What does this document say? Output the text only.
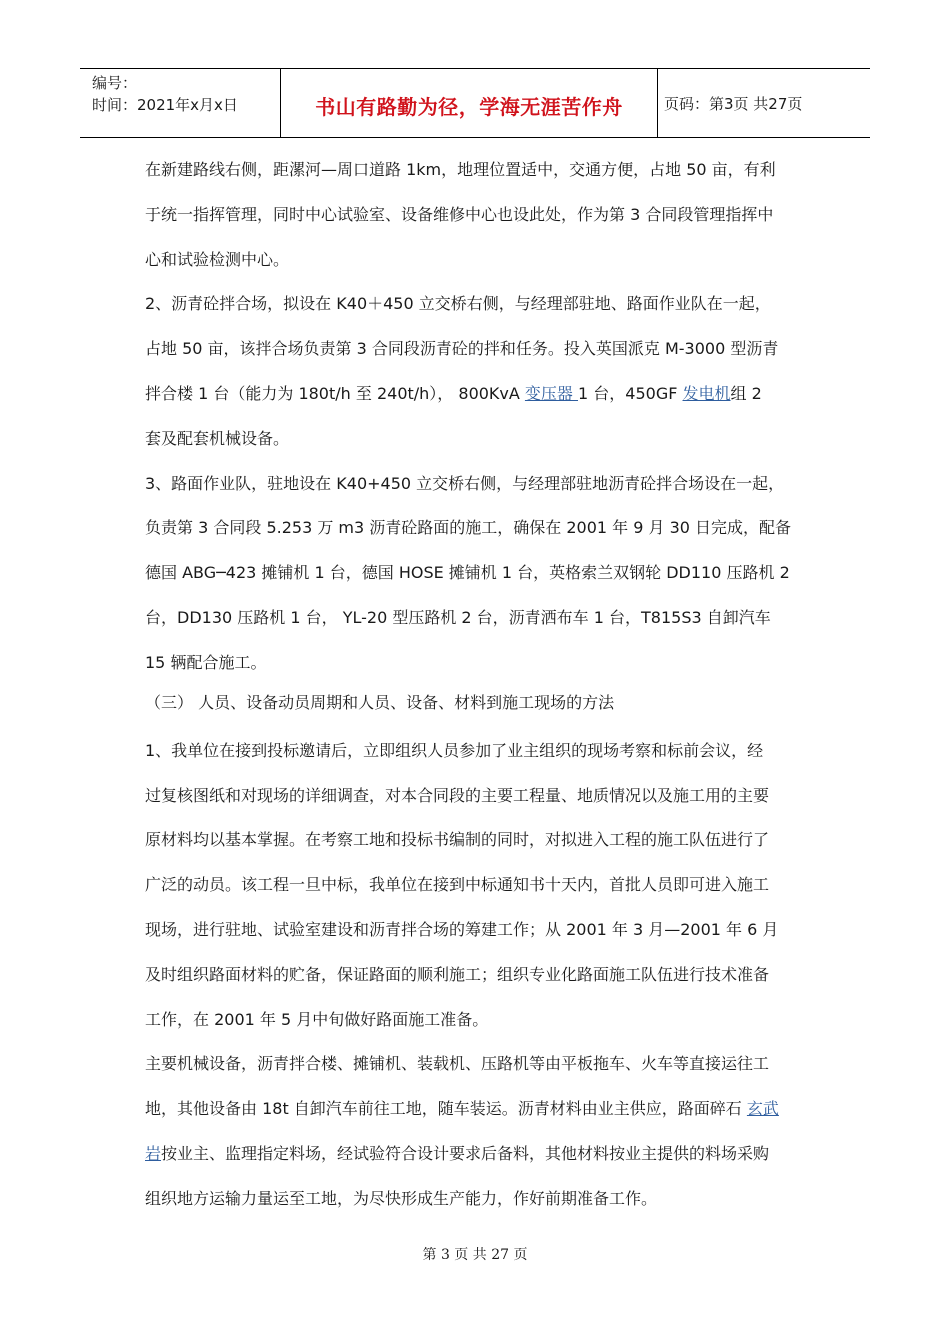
编号：
时间：2021年x月x日	书山有路勤为径，学海无涯苦作舟	页码：第3页 共27页
在新建路线右侧，距漯河—周口道路 1km，地理位置适中，交通方便，占地 50 亩，有利
于统一指挥管理，同时中心试验室、设备维修中心也设此处，作为第 3 合同段管理指挥中
心和试验检测中心。
2、沥青砼拌合场，拟设在 K40＋450 立交桥右侧，与经理部驻地、路面作业队在一起，
占地 50 亩，该拌合场负责第 3 合同段沥青砼的拌和任务。投入英国派克 M-3000 型沥青
拌合楼 1 台（能力为 180t/h 至 240t/h）， 800KvA 变压器 1 台，450GF 发电机组 2
套及配套机械设备。
3、路面作业队，驻地设在 K40+450 立交桥右侧，与经理部驻地沥青砼拌合场设在一起，
负责第 3 合同段 5.253 万 m3 沥青砼路面的施工，确保在 2001 年 9 月 30 日完成，配备
德国 ABG─423 摊铺机 1 台，德国 HOSE 摊铺机 1 台，英格索兰双钢轮 DD110 压路机 2
台，DD130 压路机 1 台， YL-20 型压路机 2 台，沥青洒布车 1 台，T815S3 自卸汽车
15 辆配合施工。
（三） 人员、设备动员周期和人员、设备、材料到施工现场的方法
1、我单位在接到投标邀请后，立即组织人员参加了业主组织的现场考察和标前会议，经
过复核图纸和对现场的详细调查，对本合同段的主要工程量、地质情况以及施工用的主要
原材料均以基本掌握。在考察工地和投标书编制的同时，对拟进入工程的施工队伍进行了
广泛的动员。该工程一旦中标，我单位在接到中标通知书十天内，首批人员即可进入施工
现场，进行驻地、试验室建设和沥青拌合场的筹建工作；从 2001 年 3 月—2001 年 6 月
及时组织路面材料的贮备，保证路面的顺利施工；组织专业化路面施工队伍进行技术准备
工作，在 2001 年 5 月中旬做好路面施工准备。
主要机械设备，沥青拌合楼、摊铺机、装载机、压路机等由平板拖车、火车等直接运往工
地，其他设备由 18t 自卸汽车前往工地，随车装运。沥青材料由业主供应，路面碎石 玄武
岩按业主、监理指定料场，经试验符合设计要求后备料，其他材料按业主提供的料场采购
组织地方运输力量运至工地，为尽快形成生产能力，作好前期准备工作。
第 3 页 共 27 页
